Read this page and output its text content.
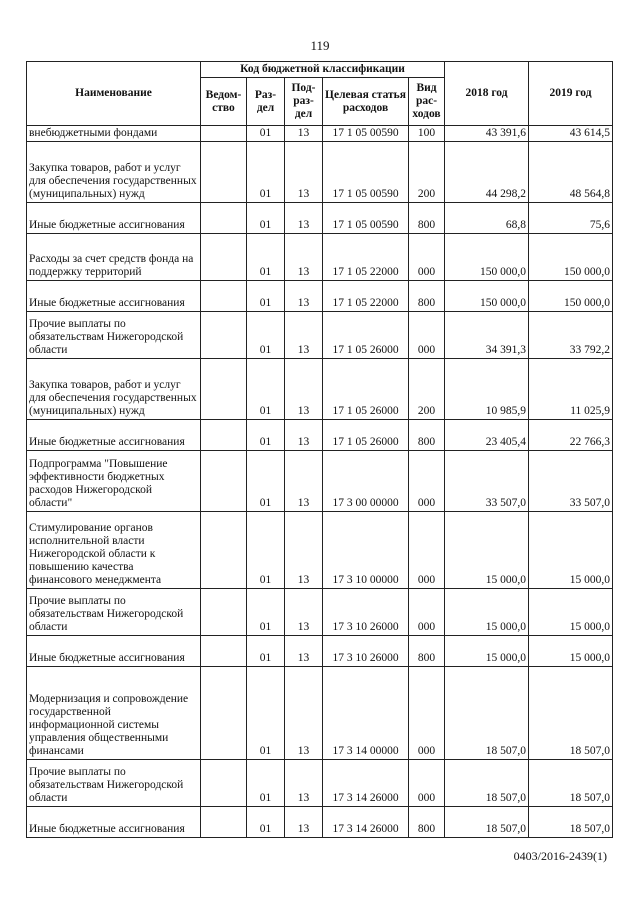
119
Наименование	Код бюджетной классификации					2018 год	2019 год
	Ведом-ство	Раз-дел	Под-раз-дел	Целевая статья расходов	Вид рас-ходов		
внебюджетными фондами		01	13	17 1 05 00590	100	43 391,6	43 614,5
Закупка товаров, работ и услуг для обеспечения государственных (муниципальных) нужд		01	13	17 1 05 00590	200	44 298,2	48 564,8
Иные бюджетные ассигнования		01	13	17 1 05 00590	800	68,8	75,6
Расходы за счет средств фонда на поддержку территорий		01	13	17 1 05 22000	000	150 000,0	150 000,0
Иные бюджетные ассигнования		01	13	17 1 05 22000	800	150 000,0	150 000,0
Прочие выплаты по обязательствам Нижегородской области		01	13	17 1 05 26000	000	34 391,3	33 792,2
Закупка товаров, работ и услуг для обеспечения государственных (муниципальных) нужд		01	13	17 1 05 26000	200	10 985,9	11 025,9
Иные бюджетные ассигнования		01	13	17 1 05 26000	800	23 405,4	22 766,3
Подпрограмма "Повышение эффективности бюджетных расходов Нижегородской области"		01	13	17 3 00 00000	000	33 507,0	33 507,0
Стимулирование органов исполнительной власти Нижегородской области к повышению качества финансового менеджмента		01	13	17 3 10 00000	000	15 000,0	15 000,0
Прочие выплаты по обязательствам Нижегородской области		01	13	17 3 10 26000	000	15 000,0	15 000,0
Иные бюджетные ассигнования		01	13	17 3 10 26000	800	15 000,0	15 000,0
Модернизация и сопровождение государственной информационной системы управления общественными финансами		01	13	17 3 14 00000	000	18 507,0	18 507,0
Прочие выплаты по обязательствам Нижегородской области		01	13	17 3 14 26000	000	18 507,0	18 507,0
Иные бюджетные ассигнования		01	13	17 3 14 26000	800	18 507,0	18 507,0
0403/2016-2439(1)
